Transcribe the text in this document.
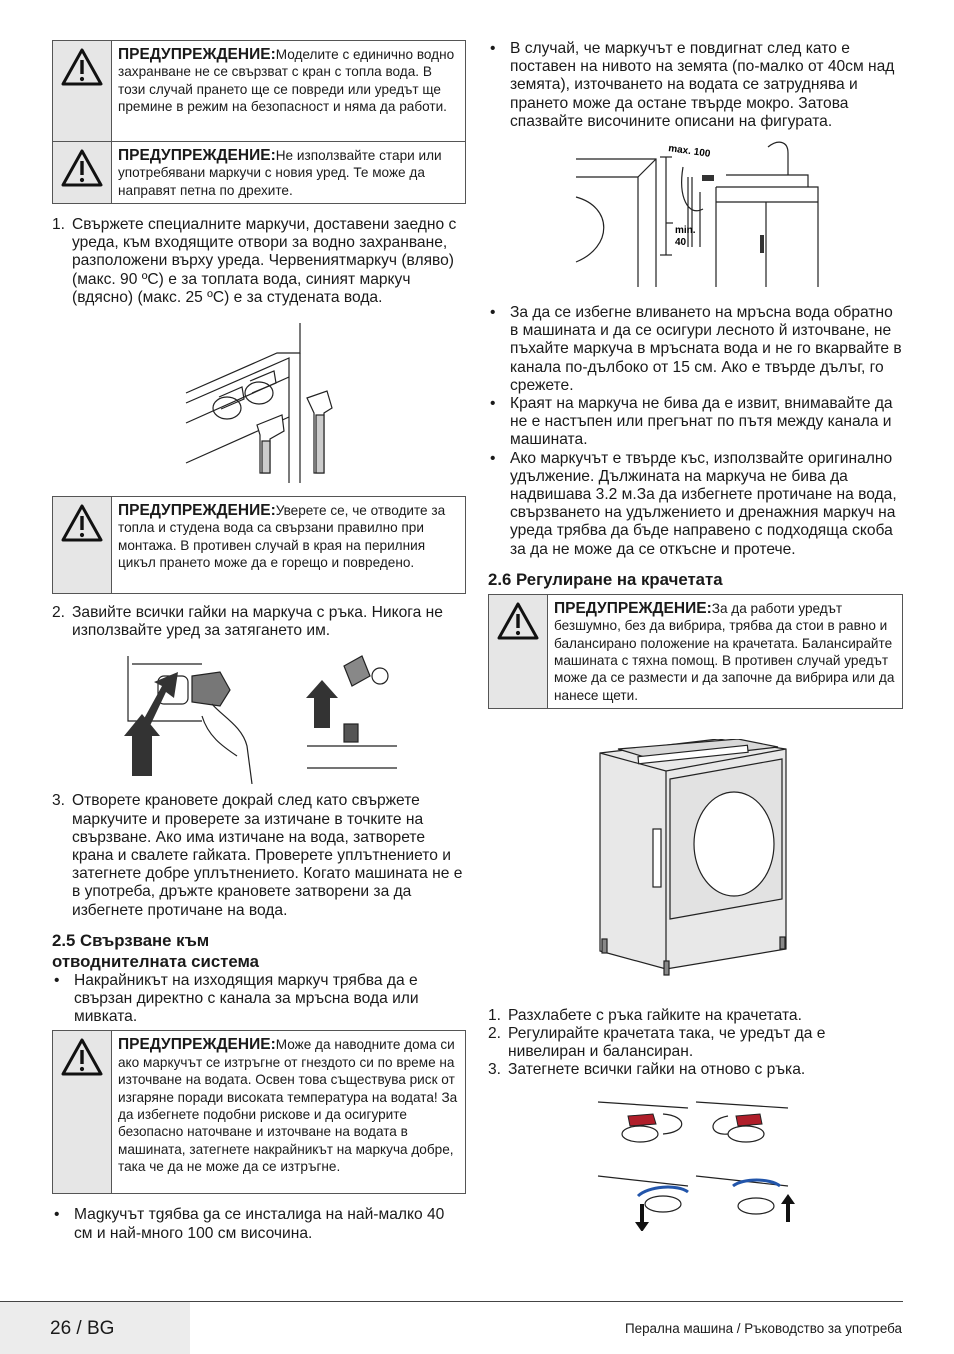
ПРЕДУПРЕЖДЕНИЕ:Моделите с единично водно захранване не се свързват с кран с топла вода. В този случай прането ще се повреди или уредът ще премине в режим на безопасност и няма да работи.
ПРЕДУПРЕЖДЕНИЕ:Не използвайте стари или употребявани маркучи с новия уред. Те може да направят петна по дрехите.
1. Свържете специалните маркучи, доставени заедно с уреда, към входящите отвори за водно захранване, разположени върху уреда. Червениятмаркуч (вляво) (макс. 90 ºC) е за топлата вода, синият маркуч (вдясно) (макс. 25 ºC) е за студената вода.
ПРЕДУПРЕЖДЕНИЕ:Уверете се, че отводите за топла и студена вода са свързани правилно при монтажа. В противен случай в края на перилния цикъл прането може да е горещо и повредено.
2. Завийте всички гайки на маркуча с ръка. Никога не използвайте уред за затягането им.
3. Отворете крановете докрай след като свържете маркучите и проверете за изтичане в точките на свързване. Ако има изтичане на вода, затворете крана и свалете гайката. Проверете уплътнението и затегнете добре уплътнението. Когато машината не е в употреба, дръжте крановете затворени за да избегнете протичане на вода.
2.5 Свързване към отводнителната система
• Накрайникът на изходящия маркуч трябва да е свързан директно с канала за мръсна вода или мивката.
ПРЕДУПРЕЖДЕНИЕ:Може да наводните дома си ако маркучът се изтръгне от гнездото си по време на източване на водата. Освен това съществува риск от изгаряне поради високата темпеpатура на водата! За да избегнете подобни рискове и да осигурите безопасно наточване и източване на водата в машината, затегнете накрайникът на маркуча добре, така че да не може да се изтръгне.
• Маgкучът тgябва gа се инсталиgа на най-малко 40 см и най-много 100 см височина.
• В случай, че маркучът е повдигнат след като е поставен на нивото на земята (по-малко от 40см над земята), източването на водата се затруднява и прането може да остане твърде мокро. Затова спазвайте височините описани на фигурата.
max. 100
min.
40
• За да се избегне вливането на мръсна вода обратно в машината и да се осигури лесното й източване, не пъхайте маркуча в мръсната вода и не го вкарвайте в канала по-дълбоко от 15 см. Ако е твърде дълъг, го срежете.
• Краят на маркуча не бива да е извит, внимавайте да не е настъпен или прегънат по пътя между канала и машината.
• Ако маркучът е твърде къс, използвайте оригинално удължение. Дължината на маркуча не бива да надвишава 3.2 м.За да избегнете протичане на вода, свързването на удължението и дренажния маркуч на уреда трябва да бъде направено с подходяща скоба за да не може да се откъсне и протече.
2.6 Регулиране на крачетата
ПРЕДУПРЕЖДЕНИЕ:За да работи уредът безшумно, без да вибрира, трябва да стои в равно и балансирано положение на крачетата. Балансирайте машината с тяхна помощ. В противен случай уредът може да се размести и да започне да вибрира или да нанесе щети.
1. Разхлабете с ръка гайките на крачетата.
2. Регулирайте крачетата така, че уредът да е нивелиран и балансиран.
3. Затегнете всички гайки на отново с ръка.
26 / BG	Перална машина / Ръководство за употреба
